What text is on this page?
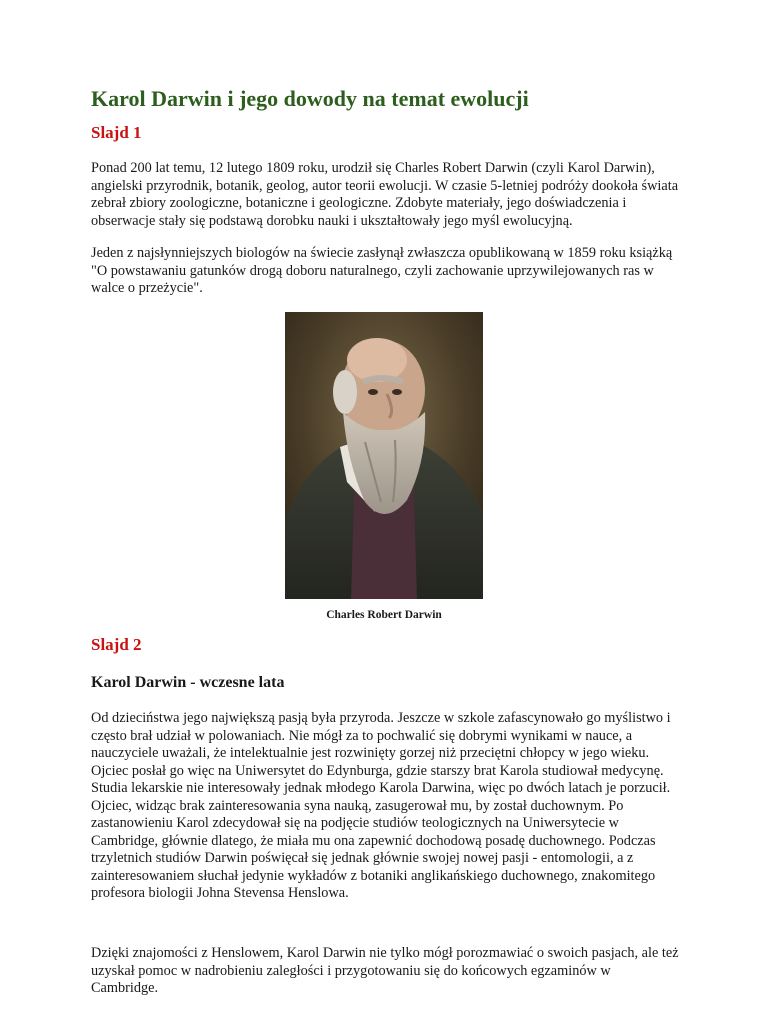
Karol Darwin i jego dowody na temat ewolucji
Slajd 1

Ponad 200 lat temu, 12 lutego 1809 roku, urodził się Charles Robert Darwin (czyli Karol Darwin), angielski przyrodnik, botanik, geolog, autor teorii ewolucji. W czasie 5-letniej podróży dookoła świata zebrał zbiory zoologiczne, botaniczne i geologiczne. Zdobyte materiały, jego doświadczenia i obserwacje stały się podstawą dorobku nauki i ukształtowały jego myśl ewolucyjną.

Jeden z najsłynniejszych biologów na świecie zasłynął zwłaszcza opublikowaną w 1859 roku książką "O powstawaniu gatunków drogą doboru naturalnego, czyli zachowanie uprzywilejowanych ras w walce o przeżycie".

Charles Robert Darwin

Slajd 2
Karol Darwin - wczesne lata

Od dzieciństwa jego największą pasją była przyroda. Jeszcze w szkole zafascynowało go myślistwo i często brał udział w polowaniach. Nie mógł za to pochwalić się dobrymi wynikami w nauce, a nauczyciele uważali, że intelektualnie jest rozwinięty gorzej niż przeciętni chłopcy w jego wieku. Ojciec posłał go więc na Uniwersytet do Edynburga, gdzie starszy brat Karola studiował medycynę. Studia lekarskie nie interesowały jednak młodego Karola Darwina, więc po dwóch latach je porzucił. Ojciec, widząc brak zainteresowania syna nauką, zasugerował mu, by został duchownym. Po zastanowieniu Karol zdecydował się na podjęcie studiów teologicznych na Uniwersytecie w Cambridge, głównie dlatego, że miała mu ona zapewnić dochodową posadę duchownego. Podczas trzyletnich studiów Darwin poświęcał się jednak głównie swojej nowej pasji - entomologii, a z zainteresowaniem słuchał jedynie wykładów z botaniki anglikańskiego duchownego, znakomitego profesora biologii Johna Stevensa Henslowa.

Dzięki znajomości z Henslowem, Karol Darwin nie tylko mógł porozmawiać o swoich pasjach, ale też uzyskał pomoc w nadrobieniu zaległości i przygotowaniu się do końcowych egzaminów w Cambridge.
